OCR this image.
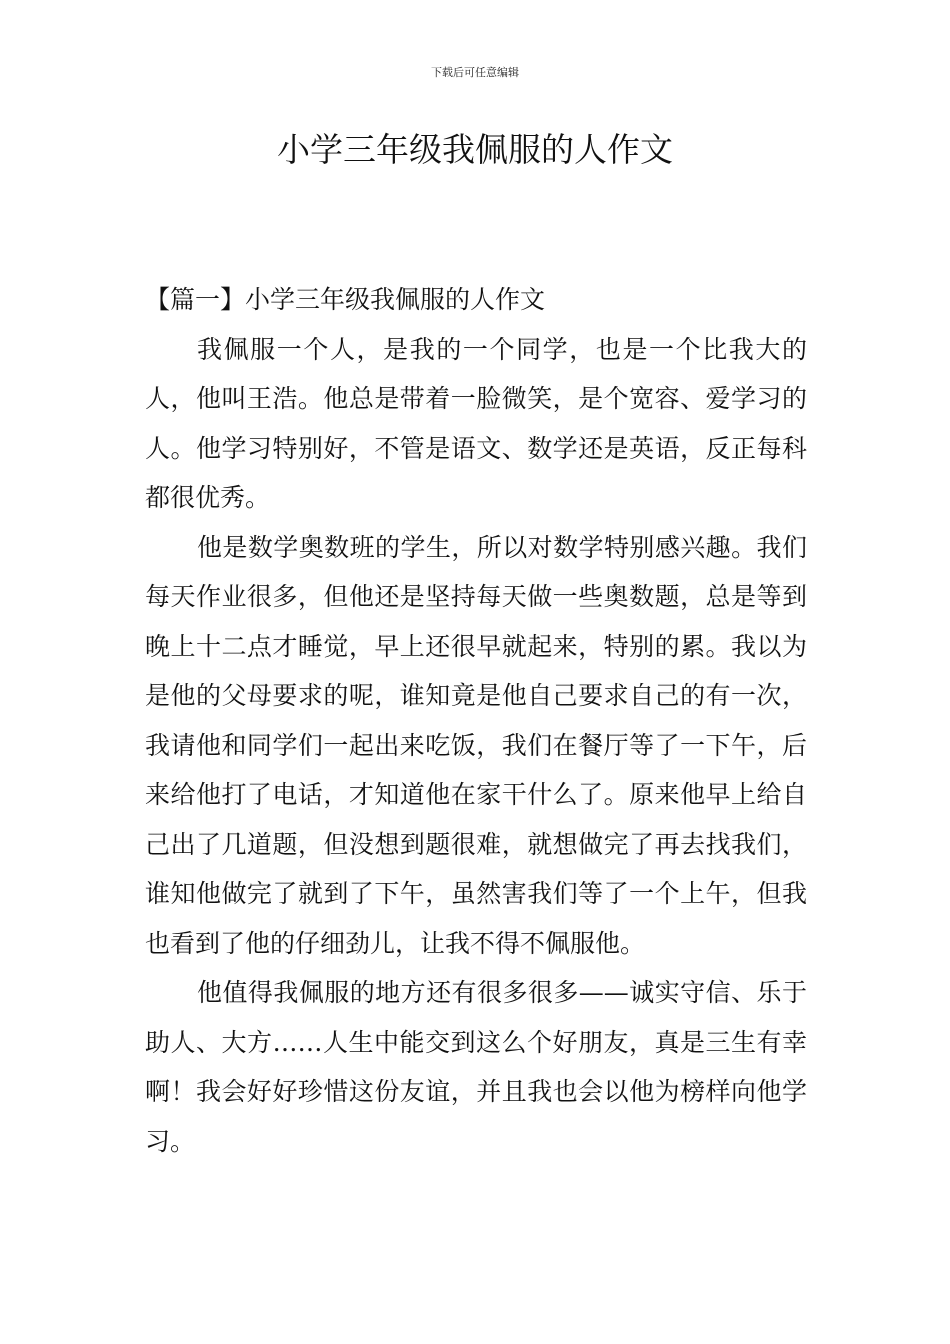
下载后可任意编辑
小学三年级我佩服的人作文
【篇一】小学三年级我佩服的人作文

我佩服一个人，是我的一个同学，也是一个比我大的人，他叫王浩。他总是带着一脸微笑，是个宽容、爱学习的人。他学习特别好，不管是语文、数学还是英语，反正每科都很优秀。

他是数学奥数班的学生，所以对数学特别感兴趣。我们每天作业很多，但他还是坚持每天做一些奥数题，总是等到晚上十二点才睡觉，早上还很早就起来，特别的累。我以为是他的父母要求的呢，谁知竟是他自己要求自己的有一次，我请他和同学们一起出来吃饭，我们在餐厅等了一下午，后来给他打了电话，才知道他在家干什么了。原来他早上给自己出了几道题，但没想到题很难，就想做完了再去找我们，谁知他做完了就到了下午，虽然害我们等了一个上午，但我也看到了他的仔细劲儿，让我不得不佩服他。

他值得我佩服的地方还有很多很多——诚实守信、乐于助人、大方……人生中能交到这么个好朋友，真是三生有幸啊！我会好好珍惜这份友谊，并且我也会以他为榜样向他学习。
